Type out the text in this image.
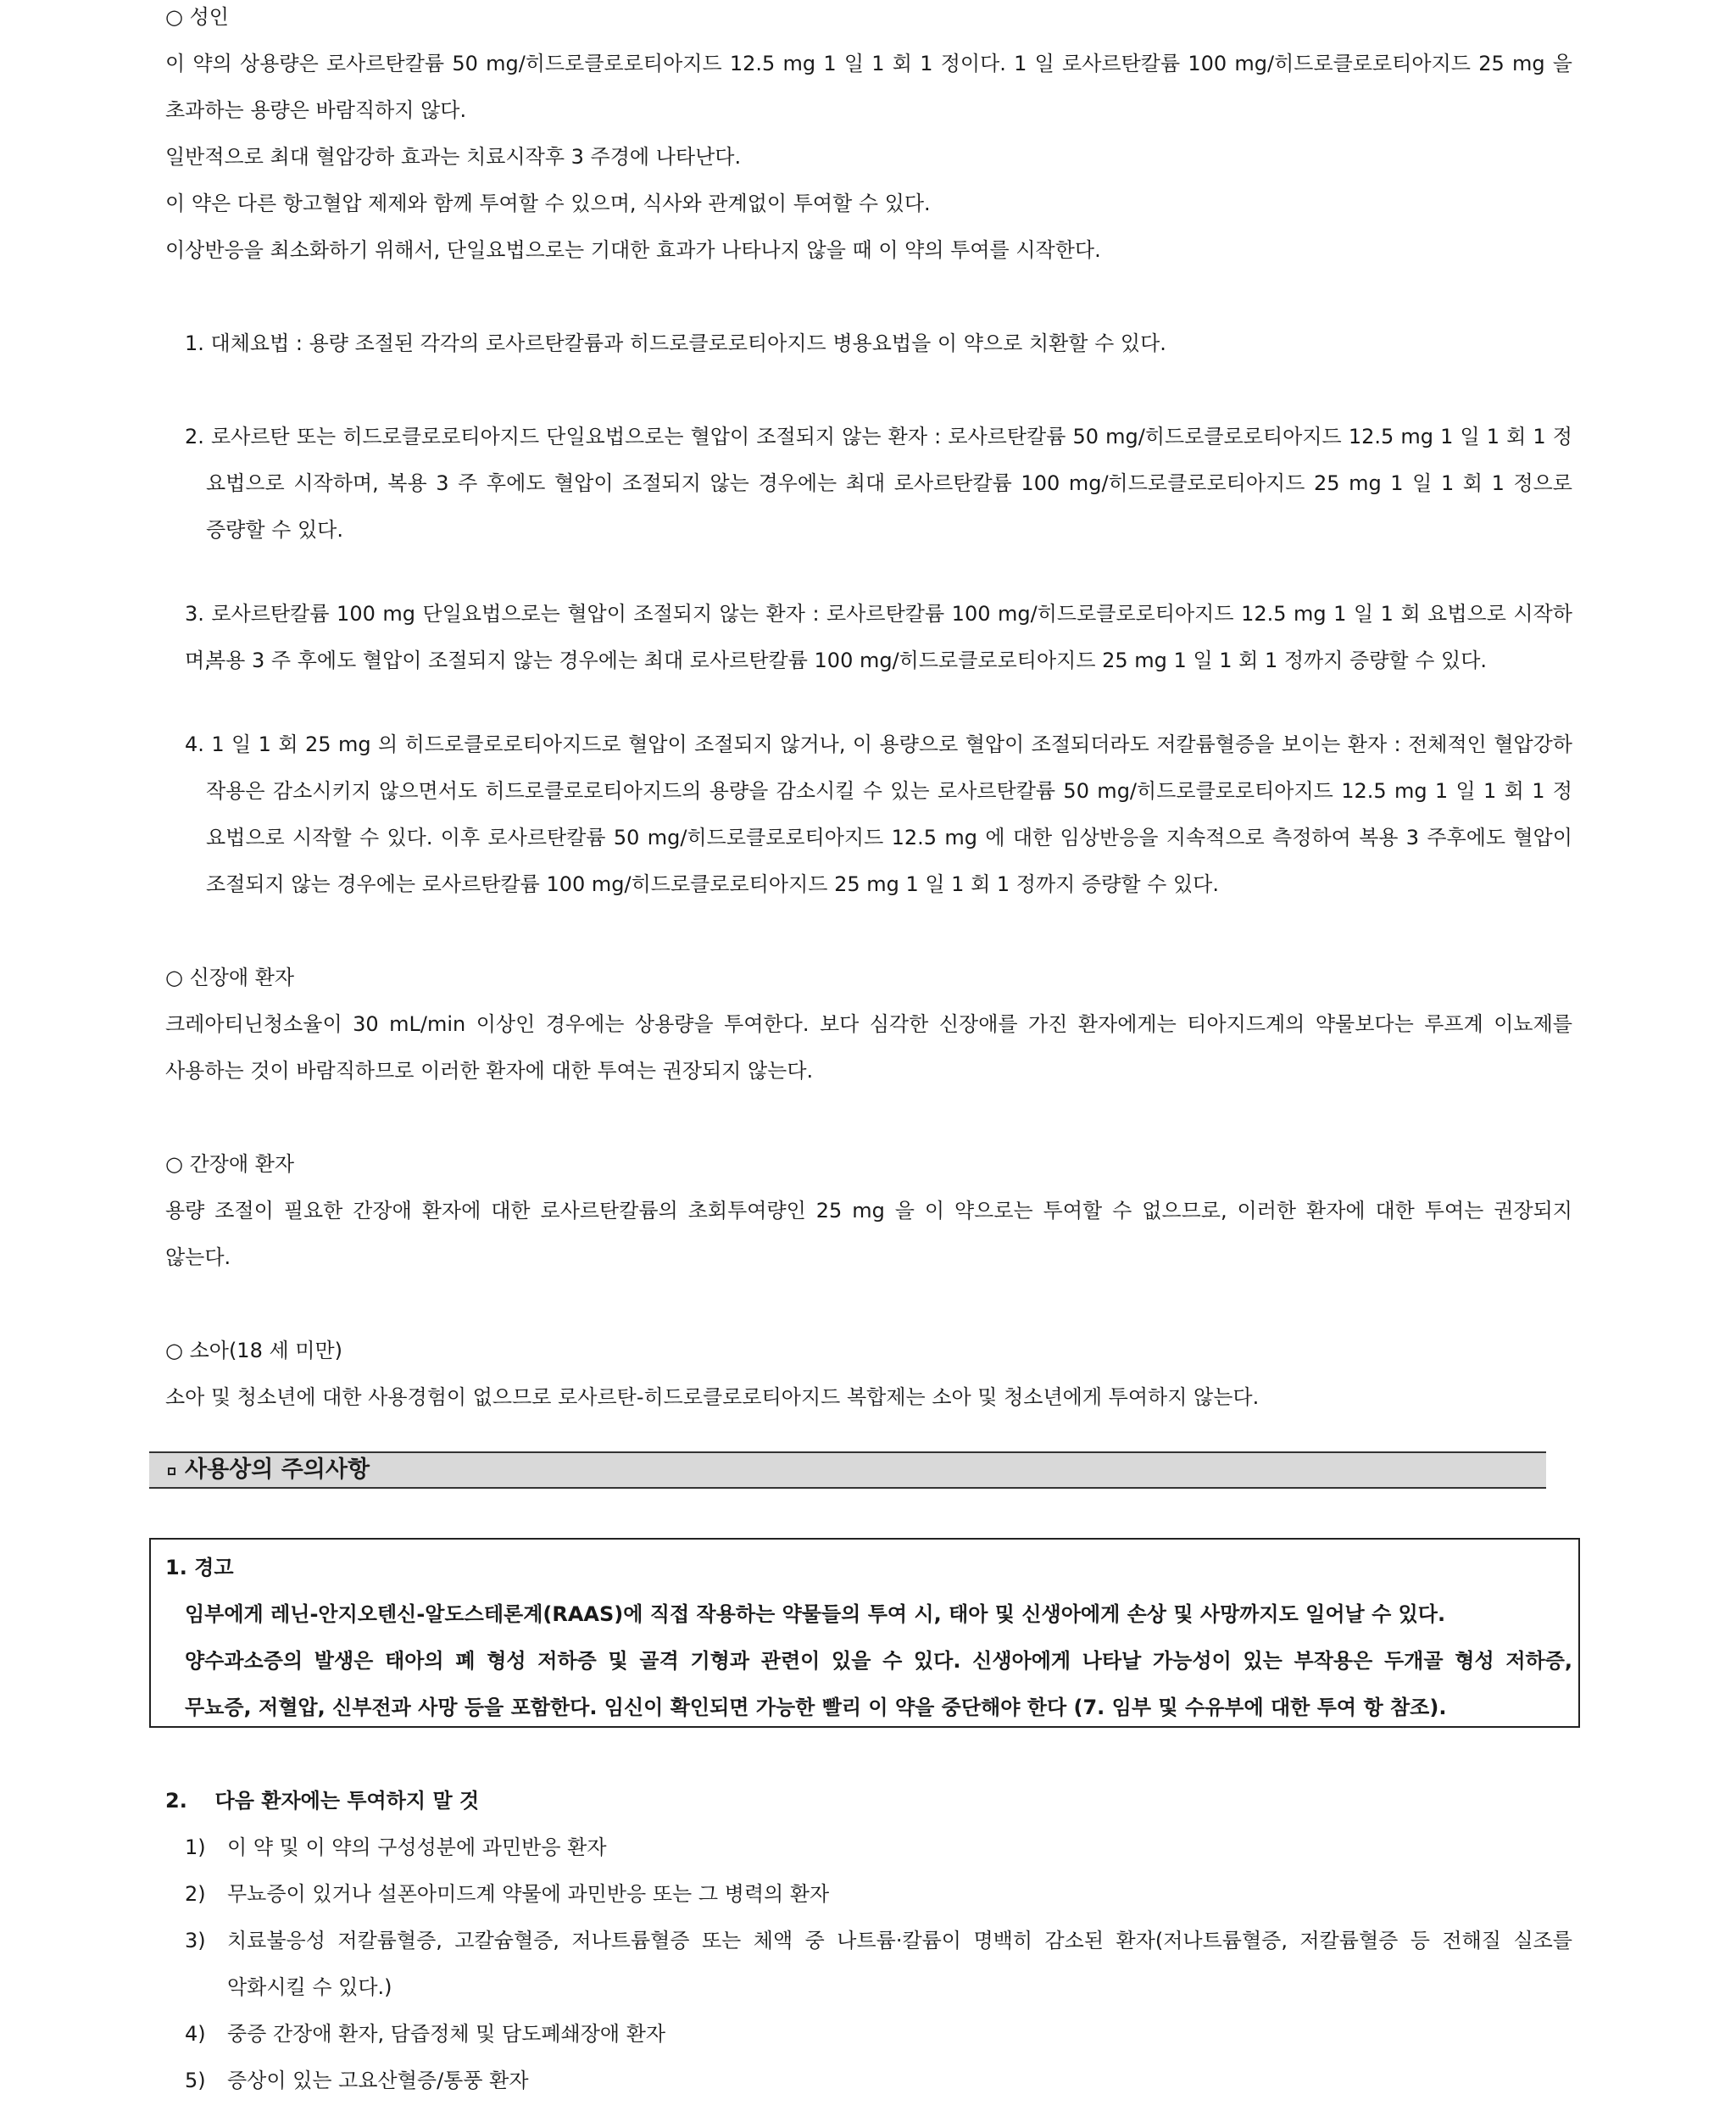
○ 성인
이 약의 상용량은 로사르탄칼륨 50 mg/히드로클로로티아지드 12.5 mg 1 일 1 회 1 정이다. 1 일 로사르탄칼륨 100 mg/히드로클로로티아지드 25 mg 을
초과하는 용량은 바람직하지 않다.
일반적으로 최대 혈압강하 효과는 치료시작후 3 주경에 나타난다.
이 약은 다른 항고혈압 제제와 함께 투여할 수 있으며, 식사와 관계없이 투여할 수 있다.
이상반응을 최소화하기 위해서, 단일요법으로는 기대한 효과가 나타나지 않을 때 이 약의 투여를 시작한다.
1. 대체요법 : 용량 조절된 각각의 로사르탄칼륨과 히드로클로로티아지드 병용요법을 이 약으로 치환할 수 있다.
2. 로사르탄 또는 히드로클로로티아지드 단일요법으로는 혈압이 조절되지 않는 환자 : 로사르탄칼륨 50 mg/히드로클로로티아지드 12.5 mg 1 일 1 회 1 정
요법으로 시작하며, 복용 3 주 후에도 혈압이 조절되지 않는 경우에는 최대 로사르탄칼륨 100 mg/히드로클로로티아지드 25 mg 1 일 1 회 1 정으로
증량할 수 있다.
3. 로사르탄칼륨 100 mg 단일요법으로는 혈압이 조절되지 않는 환자 : 로사르탄칼륨 100 mg/히드로클로로티아지드 12.5 mg 1 일 1 회 요법으로 시작하며,
복용 3 주 후에도 혈압이 조절되지 않는 경우에는 최대 로사르탄칼륨 100 mg/히드로클로로티아지드 25 mg 1 일 1 회 1 정까지 증량할 수 있다.
4. 1 일 1 회 25 mg 의 히드로클로로티아지드로 혈압이 조절되지 않거나, 이 용량으로 혈압이 조절되더라도 저칼륨혈증을 보이는 환자 : 전체적인 혈압강하
작용은 감소시키지 않으면서도 히드로클로로티아지드의 용량을 감소시킬 수 있는 로사르탄칼륨 50 mg/히드로클로로티아지드 12.5 mg 1 일 1 회 1 정
요법으로 시작할 수 있다. 이후 로사르탄칼륨 50 mg/히드로클로로티아지드 12.5 mg 에 대한 임상반응을 지속적으로 측정하여 복용 3 주후에도 혈압이
조절되지 않는 경우에는 로사르탄칼륨 100 mg/히드로클로로티아지드 25 mg 1 일 1 회 1 정까지 증량할 수 있다.
○ 신장애 환자
크레아티닌청소율이 30 mL/min 이상인 경우에는 상용량을 투여한다. 보다 심각한 신장애를 가진 환자에게는 티아지드계의 약물보다는 루프계 이뇨제를
사용하는 것이 바람직하므로 이러한 환자에 대한 투여는 권장되지 않는다.
○ 간장애 환자
용량 조절이 필요한 간장애 환자에 대한 로사르탄칼륨의 초회투여량인 25 mg 을 이 약으로는 투여할 수 없으므로, 이러한 환자에 대한 투여는 권장되지
않는다.
○ 소아(18 세 미만)
소아 및 청소년에 대한 사용경험이 없으므로 로사르탄-히드로클로로티아지드 복합제는 소아 및 청소년에게 투여하지 않는다.
사용상의 주의사항
1. 경고
임부에게 레닌-안지오텐신-알도스테론계(RAAS)에 직접 작용하는 약물들의 투여 시, 태아 및 신생아에게 손상 및 사망까지도 일어날 수 있다.
양수과소증의 발생은 태아의 폐 형성 저하증 및 골격 기형과 관련이 있을 수 있다. 신생아에게 나타날 가능성이 있는 부작용은 두개골 형성 저하증,
무뇨증, 저혈압, 신부전과 사망 등을 포함한다. 임신이 확인되면 가능한 빨리 이 약을 중단해야 한다 (7. 임부 및 수유부에 대한 투여 항 참조).
2. 다음 환자에는 투여하지 말 것
1)	이 약 및 이 약의 구성성분에 과민반응 환자
2)	무뇨증이 있거나 설폰아미드계 약물에 과민반응 또는 그 병력의 환자
3)	치료불응성 저칼륨혈증, 고칼슘혈증, 저나트륨혈증 또는 체액 중 나트륨·칼륨이 명백히 감소된 환자(저나트륨혈증, 저칼륨혈증 등 전해질 실조를
악화시킬 수 있다.)
4)	중증 간장애 환자, 담즙정체 및 담도폐쇄장애 환자
5)	증상이 있는 고요산혈증/통풍 환자
